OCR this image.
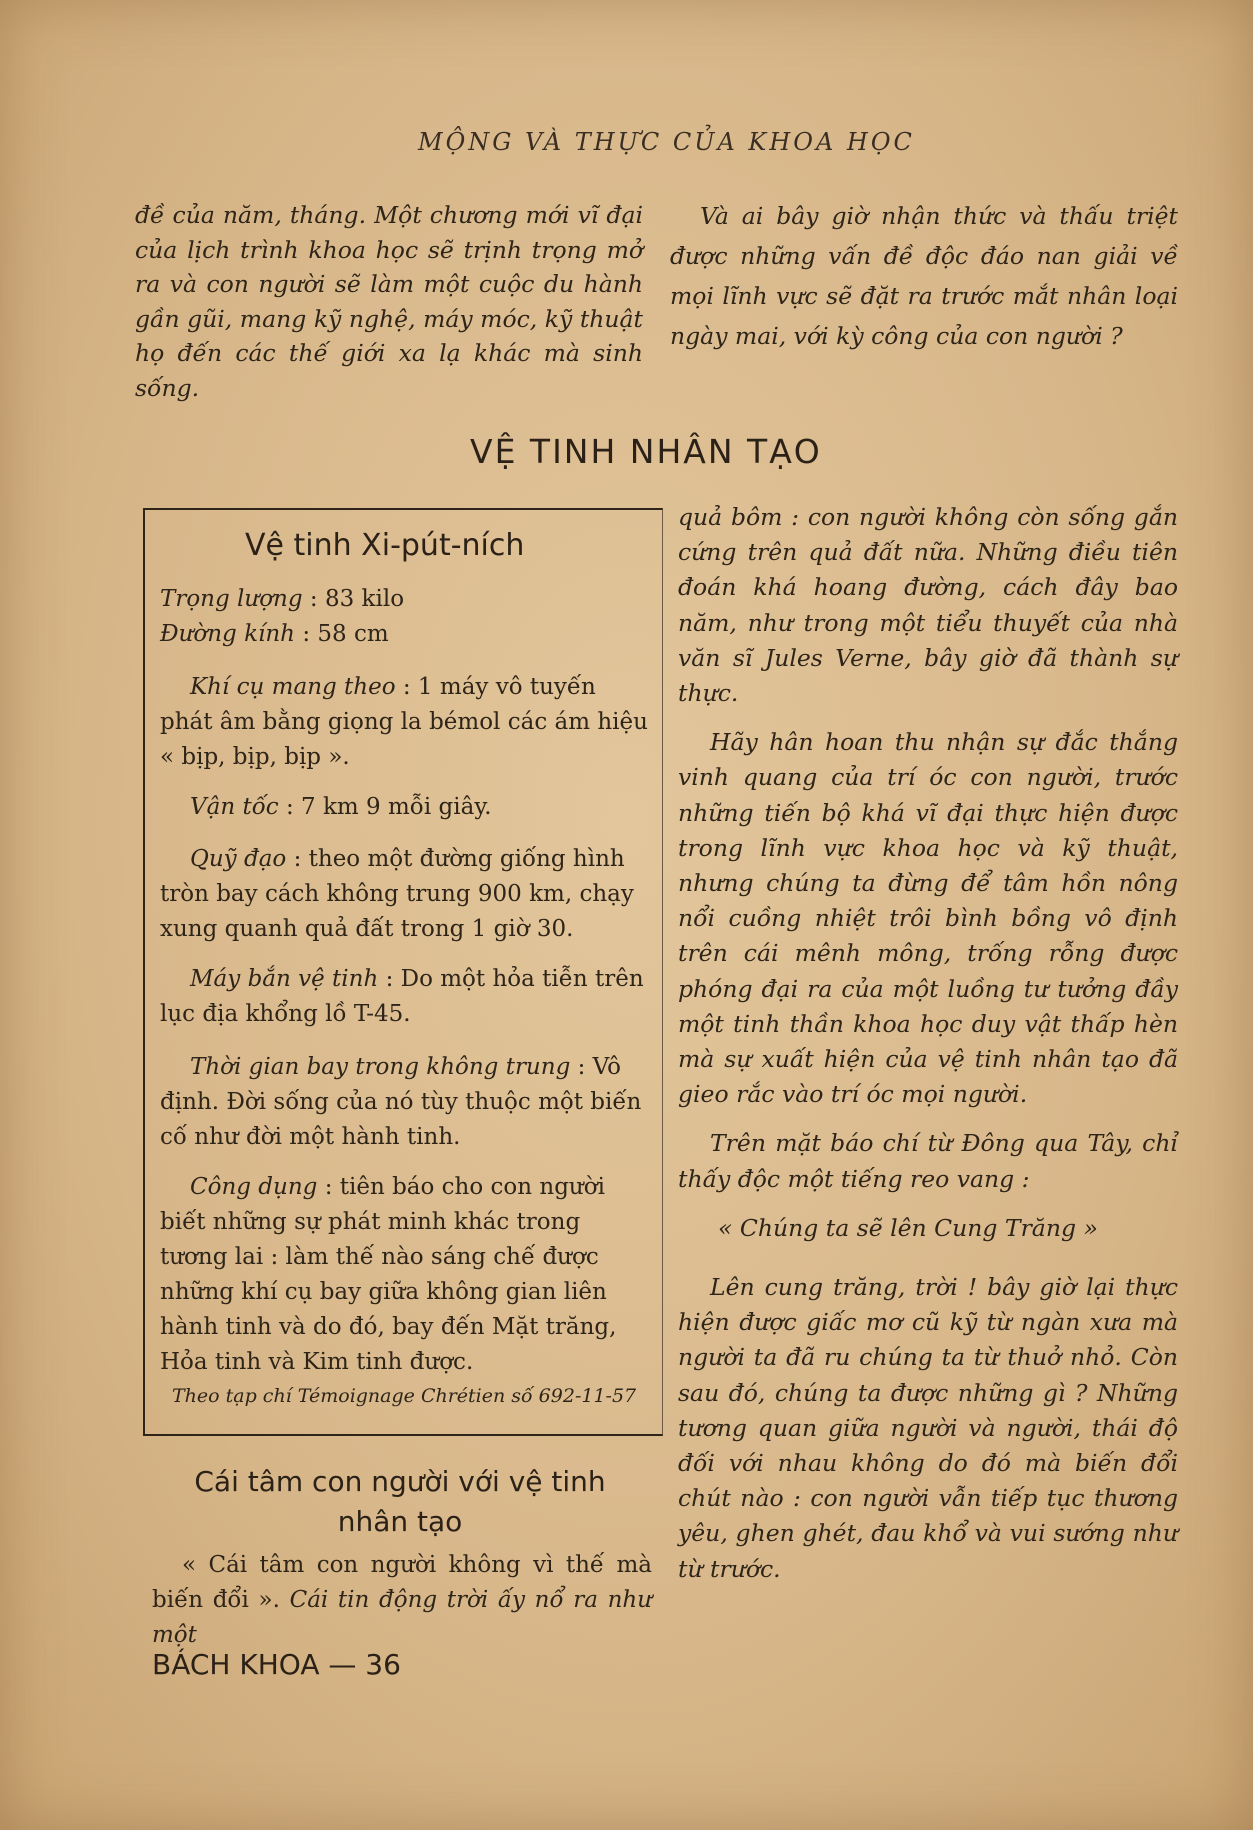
MỘNG VÀ THỰC CỦA KHOA HỌC

đề của năm, tháng. Một chương mới vĩ đại của lịch trình khoa học sẽ trịnh trọng mở ra và con người sẽ làm một cuộc du hành gần gũi, mang kỹ nghệ, máy móc, kỹ thuật họ đến các thế giới xa lạ khác mà sinh sống.

Và ai bây giờ nhận thức và thấu triệt được những vấn đề độc đáo nan giải về mọi lĩnh vực sẽ đặt ra trước mắt nhân loại ngày mai, với kỳ công của con người ?

VỆ TINH NHÂN TẠO
Vệ tinh Xi-pút-ních

Trọng lượng : 83 kilo

Đường kính : 58 cm

Khí cụ mang theo : 1 máy vô tuyến phát âm bằng giọng la bémol các ám hiệu « bịp, bịp, bịp ».

Vận tốc : 7 km 9 mỗi giây.

Quỹ đạo : theo một đường giống hình tròn bay cách không trung 900 km, chạy xung quanh quả đất trong 1 giờ 30.

Máy bắn vệ tinh : Do một hỏa tiễn trên lục địa khổng lồ T-45.

Thời gian bay trong không trung : Vô định. Đời sống của nó tùy thuộc một biến cố như đời một hành tinh.

Công dụng : tiên báo cho con người biết những sự phát minh khác trong tương lai : làm thế nào sáng chế được những khí cụ bay giữa không gian liên hành tinh và do đó, bay đến Mặt trăng, Hỏa tinh và Kim tinh được.

Theo tạp chí Témoignage Chrétien số 692-11-57
Cái tâm con người với vệ tinh nhân tạo

« Cái tâm con người không vì thế mà biến đổi ». Cái tin động trời ấy nổ ra như một

BÁCH KHOA — 36

quả bôm : con người không còn sống gắn cứng trên quả đất nữa. Những điều tiên đoán khá hoang đường, cách đây bao năm, như trong một tiểu thuyết của nhà văn sĩ Jules Verne, bây giờ đã thành sự thực.

Hãy hân hoan thu nhận sự đắc thắng vinh quang của trí óc con người, trước những tiến bộ khá vĩ đại thực hiện được trong lĩnh vực khoa học và kỹ thuật, nhưng chúng ta đừng để tâm hồn nông nổi cuồng nhiệt trôi bình bồng vô định trên cái mênh mông, trống rỗng được phóng đại ra của một luồng tư tưởng đầy một tinh thần khoa học duy vật thấp hèn mà sự xuất hiện của vệ tinh nhân tạo đã gieo rắc vào trí óc mọi người.

Trên mặt báo chí từ Đông qua Tây, chỉ thấy độc một tiếng reo vang :

« Chúng ta sẽ lên Cung Trăng »

Lên cung trăng, trời ! bây giờ lại thực hiện được giấc mơ cũ kỹ từ ngàn xưa mà người ta đã ru chúng ta từ thuở nhỏ. Còn sau đó, chúng ta được những gì ? Những tương quan giữa người và người, thái độ đối với nhau không do đó mà biến đổi chút nào : con người vẫn tiếp tục thương yêu, ghen ghét, đau khổ và vui sướng như từ trước.
